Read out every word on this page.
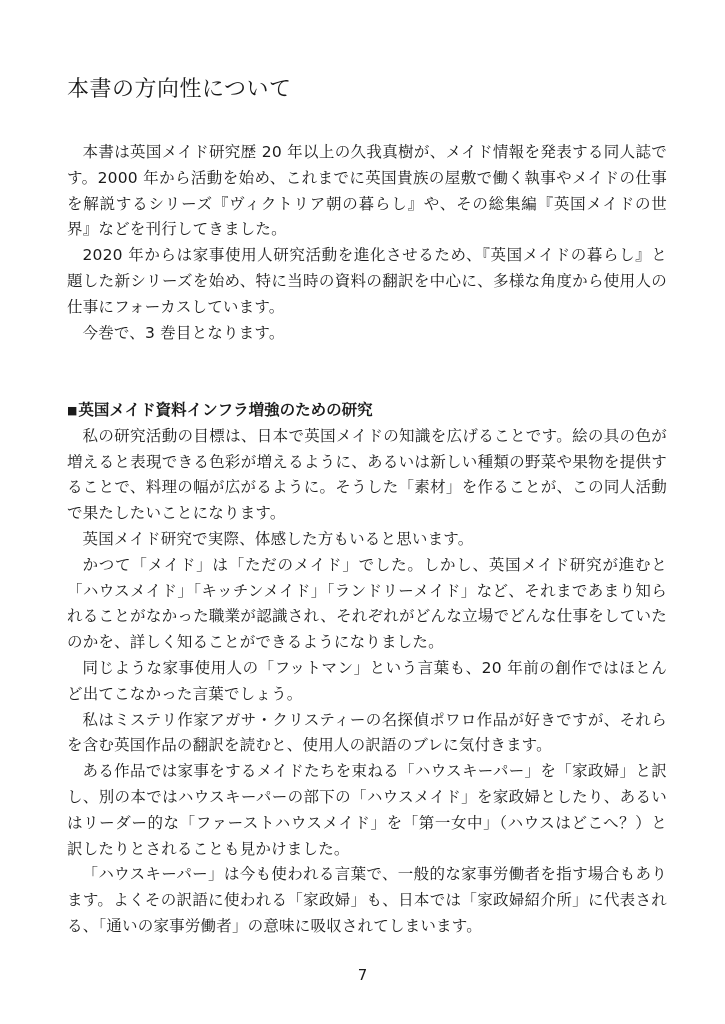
本書の方向性について

本書は英国メイド研究歴 20 年以上の久我真樹が、メイド情報を発表する同人誌です。2000 年から活動を始め、これまでに英国貴族の屋敷で働く執事やメイドの仕事を解説するシリーズ『ヴィクトリア朝の暮らし』や、その総集編『英国メイドの世界』などを刊行してきました。

2020 年からは家事使用人研究活動を進化させるため、『英国メイドの暮らし』と題した新シリーズを始め、特に当時の資料の翻訳を中心に、多様な角度から使用人の仕事にフォーカスしています。

今巻で、3 巻目となります。

■英国メイド資料インフラ増強のための研究

私の研究活動の目標は、日本で英国メイドの知識を広げることです。絵の具の色が増えると表現できる色彩が増えるように、あるいは新しい種類の野菜や果物を提供することで、料理の幅が広がるように。そうした「素材」を作ることが、この同人活動で果たしたいことになります。

英国メイド研究で実際、体感した方もいると思います。

かつて「メイド」は「ただのメイド」でした。しかし、英国メイド研究が進むと「ハウスメイド」「キッチンメイド」「ランドリーメイド」など、それまであまり知られることがなかった職業が認識され、それぞれがどんな立場でどんな仕事をしていたのかを、詳しく知ることができるようになりました。

同じような家事使用人の「フットマン」という言葉も、20 年前の創作ではほとんど出てこなかった言葉でしょう。

私はミステリ作家アガサ・クリスティーの名探偵ポワロ作品が好きですが、それらを含む英国作品の翻訳を読むと、使用人の訳語のブレに気付きます。

ある作品では家事をするメイドたちを束ねる「ハウスキーパー」を「家政婦」と訳し、別の本ではハウスキーパーの部下の「ハウスメイド」を家政婦としたり、あるいはリーダー的な「ファーストハウスメイド」を「第一女中」（ハウスはどこへ？）と訳したりとされることも見かけました。

「ハウスキーパー」は今も使われる言葉で、一般的な家事労働者を指す場合もあります。よくその訳語に使われる「家政婦」も、日本では「家政婦紹介所」に代表される、「通いの家事労働者」の意味に吸収されてしまいます。

7
